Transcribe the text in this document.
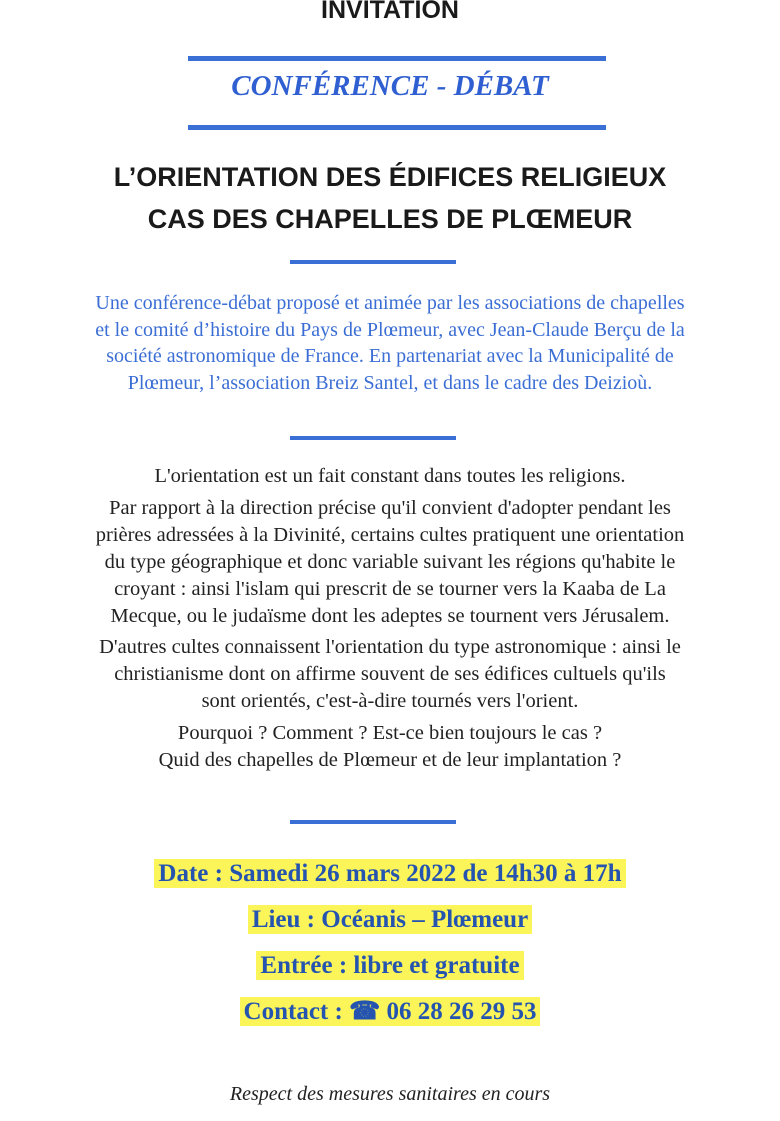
INVITATION
CONFÉRENCE - DÉBAT
L’ORIENTATION DES ÉDIFICES RELIGIEUX
CAS DES CHAPELLES DE PLŒMEUR
Une conférence-débat proposé et animée par les associations de chapelles
et le comité d’histoire du Pays de Plœmeur, avec Jean-Claude Berçu de la
société astronomique de France. En partenariat avec la Municipalité de
Plœmeur, l’association Breiz Santel, et dans le cadre des Deizioù.

L'orientation est un fait constant dans toutes les religions.

Par rapport à la direction précise qu'il convient d'adopter pendant les
prières adressées à la Divinité, certains cultes pratiquent une orientation
du type géographique et donc variable suivant les régions qu'habite le
croyant : ainsi l'islam qui prescrit de se tourner vers la Kaaba de La
Mecque, ou le judaïsme dont les adeptes se tournent vers Jérusalem.

D'autres cultes connaissent l'orientation du type astronomique : ainsi le
christianisme dont on affirme souvent de ses édifices cultuels qu'ils
sont orientés, c'est-à-dire tournés vers l'orient.

Pourquoi ? Comment ? Est-ce bien toujours le cas ?
Quid des chapelles de Plœmeur et de leur implantation ?

Date : Samedi 26 mars 2022 de 14h30 à 17h
Lieu : Océanis – Plœmeur
Entrée : libre et gratuite
Contact : ☎ 06 28 26 29 53
Respect des mesures sanitaires en cours
